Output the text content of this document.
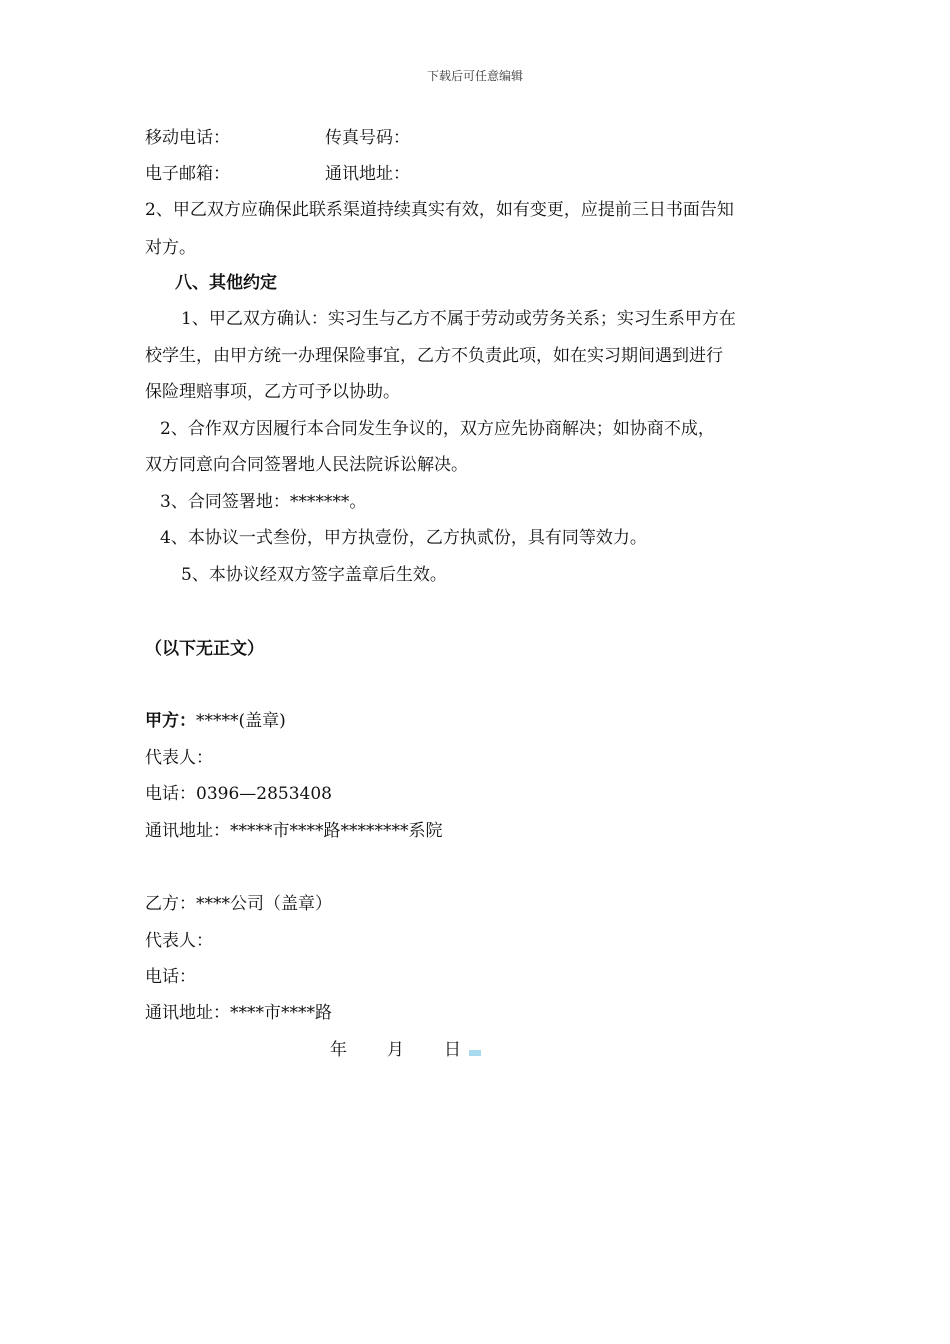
下载后可任意编辑
移动电话：	传真号码：
电子邮箱：	通讯地址：
2、甲乙双方应确保此联系渠道持续真实有效，如有变更，应提前三日书面告知
对方。
八、其他约定
1、甲乙双方确认：实习生与乙方不属于劳动或劳务关系；实习生系甲方在
校学生，由甲方统一办理保险事宜，乙方不负责此项，如在实习期间遇到进行
保险理赔事项，乙方可予以协助。
2、合作双方因履行本合同发生争议的，双方应先协商解决；如协商不成，
双方同意向合同签署地人民法院诉讼解决。
3、合同签署地：*******。
4、本协议一式叁份，甲方执壹份，乙方执贰份，具有同等效力。
5、本协议经双方签字盖章后生效。
（以下无正文）
甲方：*****(盖章)
代表人：
电话：0396—2853408
通讯地址：*****市****路********系院
乙方：****公司（盖章）
代表人：
电话：
通讯地址：****市****路
年 月 日
